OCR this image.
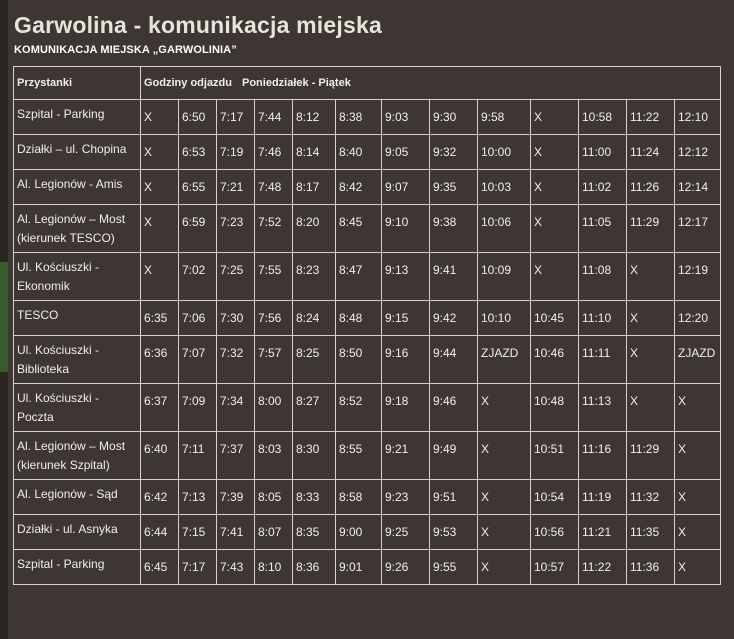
Garwolina - komunikacja miejska
KOMUNIKACJA MIEJSKA „GARWOLINIA”
Przystanki	Godziny odjazdu Poniedziałek - Piątek												
Szpital - Parking	X	6:50	7:17	7:44	8:12	8:38	9:03	9:30	9:58	X	10:58	11:22	12:10
Działki – ul. Chopina	X	6:53	7:19	7:46	8:14	8:40	9:05	9:32	10:00	X	11:00	11:24	12:12
Al. Legionów - Amis	X	6:55	7:21	7:48	8:17	8:42	9:07	9:35	10:03	X	11:02	11:26	12:14
Al. Legionów – Most (kierunek TESCO)	X	6:59	7:23	7:52	8:20	8:45	9:10	9:38	10:06	X	11:05	11:29	12:17
Ul. Kościuszki - Ekonomik	X	7:02	7:25	7:55	8:23	8:47	9:13	9:41	10:09	X	11:08	X	12:19
TESCO	6:35	7:06	7:30	7:56	8:24	8:48	9:15	9:42	10:10	10:45	11:10	X	12:20
Ul. Kościuszki - Biblioteka	6:36	7:07	7:32	7:57	8:25	8:50	9:16	9:44	ZJAZD	10:46	11:11	X	ZJAZD
Ul. Kościuszki - Poczta	6:37	7:09	7:34	8:00	8:27	8:52	9:18	9:46	X	10:48	11:13	X	X
Al. Legionów – Most (kierunek Szpital)	6:40	7:11	7:37	8:03	8:30	8:55	9:21	9:49	X	10:51	11:16	11:29	X
Al. Legionów - Sąd	6:42	7:13	7:39	8:05	8:33	8:58	9:23	9:51	X	10:54	11:19	11:32	X
Działki - ul. Asnyka	6:44	7:15	7:41	8:07	8:35	9:00	9:25	9:53	X	10:56	11:21	11:35	X
Szpital - Parking	6:45	7:17	7:43	8:10	8:36	9:01	9:26	9:55	X	10:57	11:22	11:36	X
